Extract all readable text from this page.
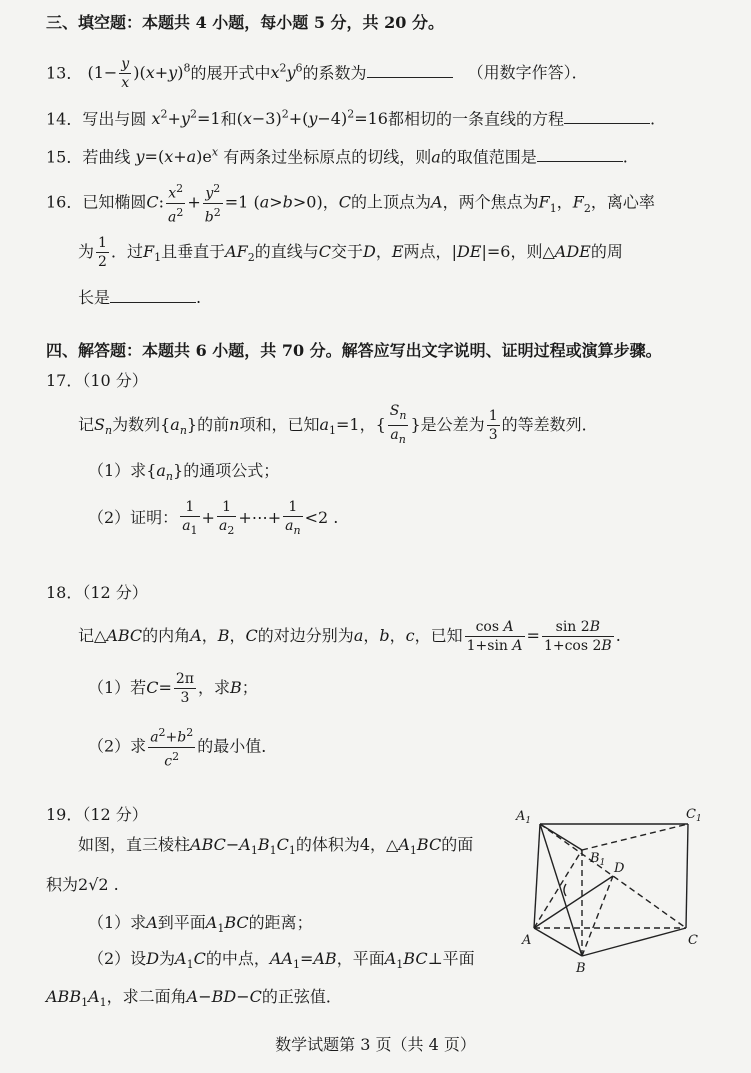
三、填空题：本题共 4 小题，每小题 5 分，共 20 分。
13． $(1- \frac{y}{x} )(x+y)^8$的展开式中$x^2y^6$的系数为	（用数字作答）．
14．写出与圆 $x^2+y^2=1$和$(x-3)^2+(y-4)^2=16$都相切的一条直线的方程	.
15．若曲线 $y=(x+a)e^x$ 有两条过坐标原点的切线，则a的取值范围是	.
16．已知椭圆C: $\frac{x^2}{a^2} + \frac{y^2}{b^2} =1$ (a>b>0)，C的上顶点为A，两个焦点为$F_1$，$F_2$，离心率
为 $\frac{1}{2}$ ．过$F_1$且垂直于$AF_2$的直线与C交于D，E两点，|DE|=6，则△ADE的周
长是	.
四、解答题：本题共 6 小题，共 70 分。解答应写出文字说明、证明过程或演算步骤。
17．（10 分）
记$S_n$为数列$\{a_n\}$的前n项和，已知$a_1=1$，{ $\frac{S_n}{a_n}$ }是公差为 $\frac{1}{3}$ 的等差数列．
（1）求$\{a_n\}$的通项公式；
（2）证明： $\frac{1}{a_1} + \frac{1}{a_2}$ +⋯+ $\frac{1}{a_n} <2$ .
18．（12 分）
记△ABC的内角A，B，C的对边分别为a，b，c，已知 $\frac{\text{cos A}}{\text{1+sin A}} = \frac{\sin 2B}{1+\cos 2B}$ .
（1）若$C= \frac{2\pi}{3}$ ，求B；
（2）求 $\frac{a^2+b^2}{c^2}$ 的最小值．
19．（12 分）
如图，直三棱柱$ABC-A_1B_1C_1$的体积为4，$\triangle A_1BC$的面
积为2√2 .
（1）求A到平面$A_1BC$的距离；
（2）设D为$A_1C$的中点，$AA_1=AB$，平面$A_1BC\perp$平面
$ABB_1A_1$，求二面角A−BD−C的正弦值．
$A_1$	$C_1$
$B_1$ D
A	C
B
数学试题第 3 页（共 4 页）
